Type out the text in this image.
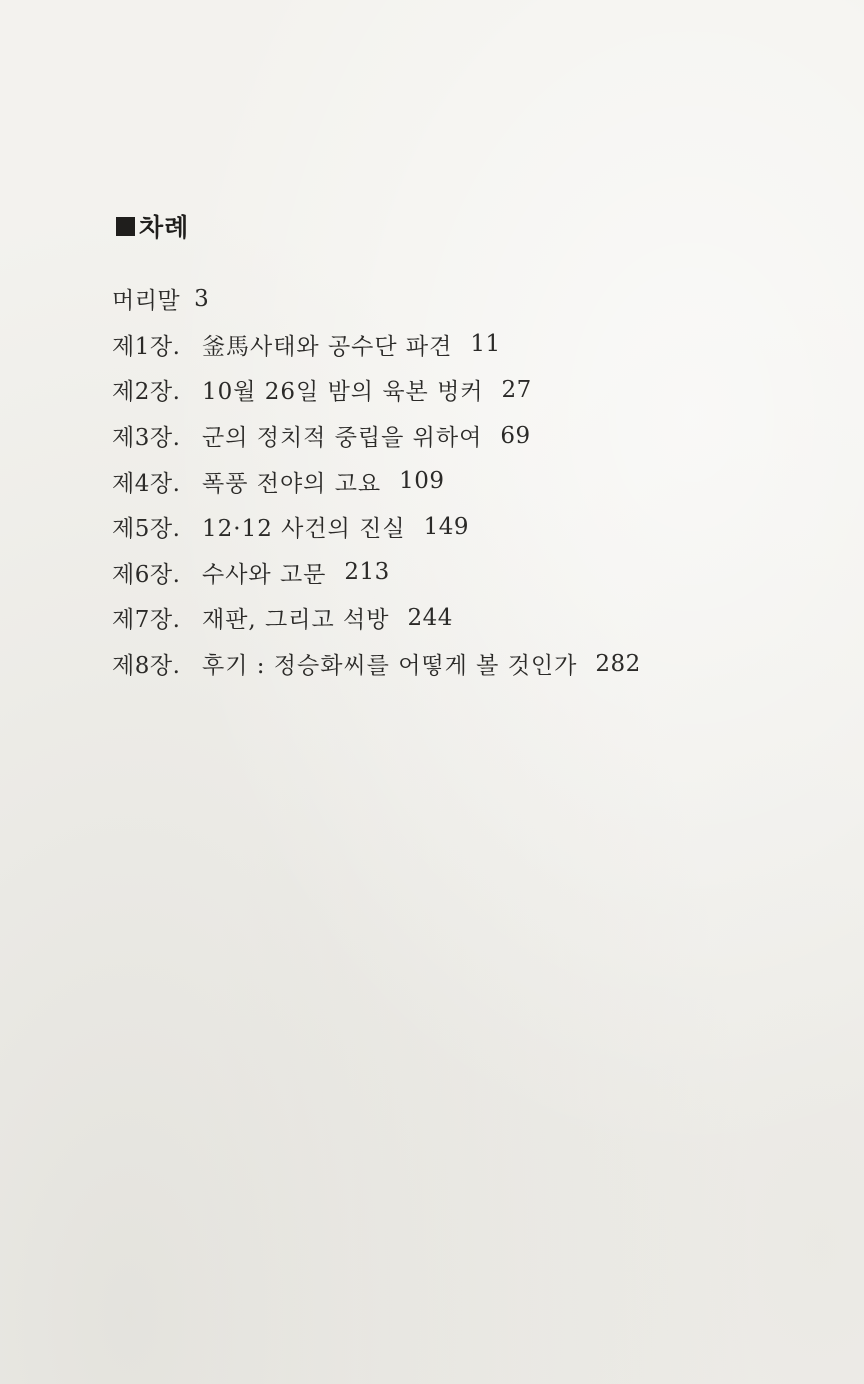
차례
머리말 3
제1장. 釜馬사태와 공수단 파견 11
제2장. 10월 26일 밤의 육본 벙커 27
제3장. 군의 정치적 중립을 위하여 69
제4장. 폭풍 전야의 고요 109
제5장. 12·12 사건의 진실 149
제6장. 수사와 고문 213
제7장. 재판, 그리고 석방 244
제8장. 후기 : 정승화씨를 어떻게 볼 것인가 282
